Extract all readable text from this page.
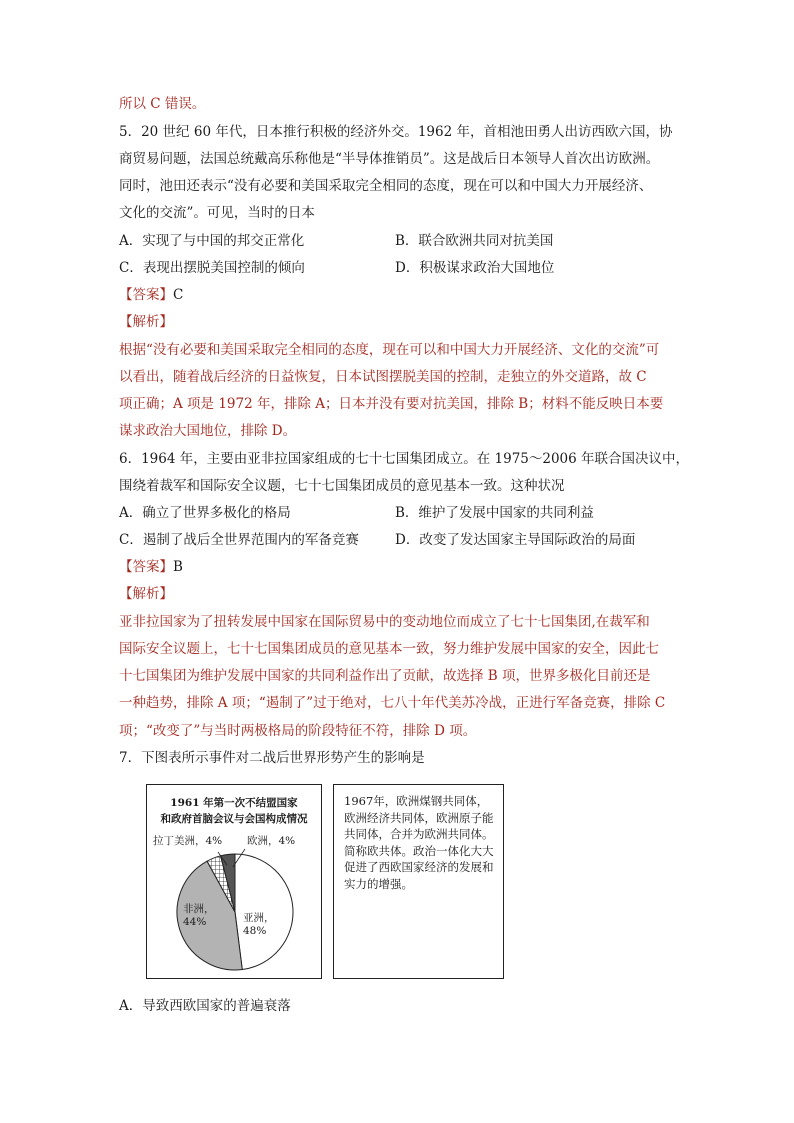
所以 C 错误。
5．20 世纪 60 年代，日本推行积极的经济外交。1962 年，首相池田勇人出访西欧六国，协
商贸易问题，法国总统戴高乐称他是“半导体推销员”。这是战后日本领导人首次出访欧洲。
同时，池田还表示“没有必要和美国采取完全相同的态度，现在可以和中国大力开展经济、
文化的交流”。可见，当时的日本
A．实现了与中国的邦交正常化	B．联合欧洲共同对抗美国
C．表现出摆脱美国控制的倾向	D．积极谋求政治大国地位
【答案】C
【解析】
根据“没有必要和美国采取完全相同的态度，现在可以和中国大力开展经济、文化的交流”可
以看出，随着战后经济的日益恢复，日本试图摆脱美国的控制，走独立的外交道路，故 C
项正确；A 项是 1972 年，排除 A；日本并没有要对抗美国，排除 B；材料不能反映日本要
谋求政治大国地位，排除 D。
6．1964 年，主要由亚非拉国家组成的七十七国集团成立。在 1975～2006 年联合国决议中，
围绕着裁军和国际安全议题，七十七国集团成员的意见基本一致。这种状况
A．确立了世界多极化的格局	B．维护了发展中国家的共同利益
C．遏制了战后全世界范围内的军备竞赛	D．改变了发达国家主导国际政治的局面
【答案】B
【解析】
亚非拉国家为了扭转发展中国家在国际贸易中的变动地位而成立了七十七国集团,在裁军和
国际安全议题上，七十七国集团成员的意见基本一致，努力维护发展中国家的安全，因此七
十七国集团为维护发展中国家的共同利益作出了贡献，故选择 B 项，世界多极化目前还是
一种趋势，排除 A 项；“遏制了”过于绝对，七八十年代美苏冷战，正进行军备竞赛，排除 C
项；“改变了”与当时两极格局的阶段特征不符，排除 D 项。
7．下图表所示事件对二战后世界形势产生的影响是
1961 年第一次不结盟国家
和政府首脑会议与会国构成情况
拉丁美洲，4% 欧洲，4%
非洲，
44%	亚洲，
48%
1967年，欧洲煤钢共同体，欧洲经济共同体，欧洲原子能共同体，合并为欧洲共同体。简称欧共体。政治一体化大大促进了西欧国家经济的发展和实力的增强。
A．导致西欧国家的普遍衰落
